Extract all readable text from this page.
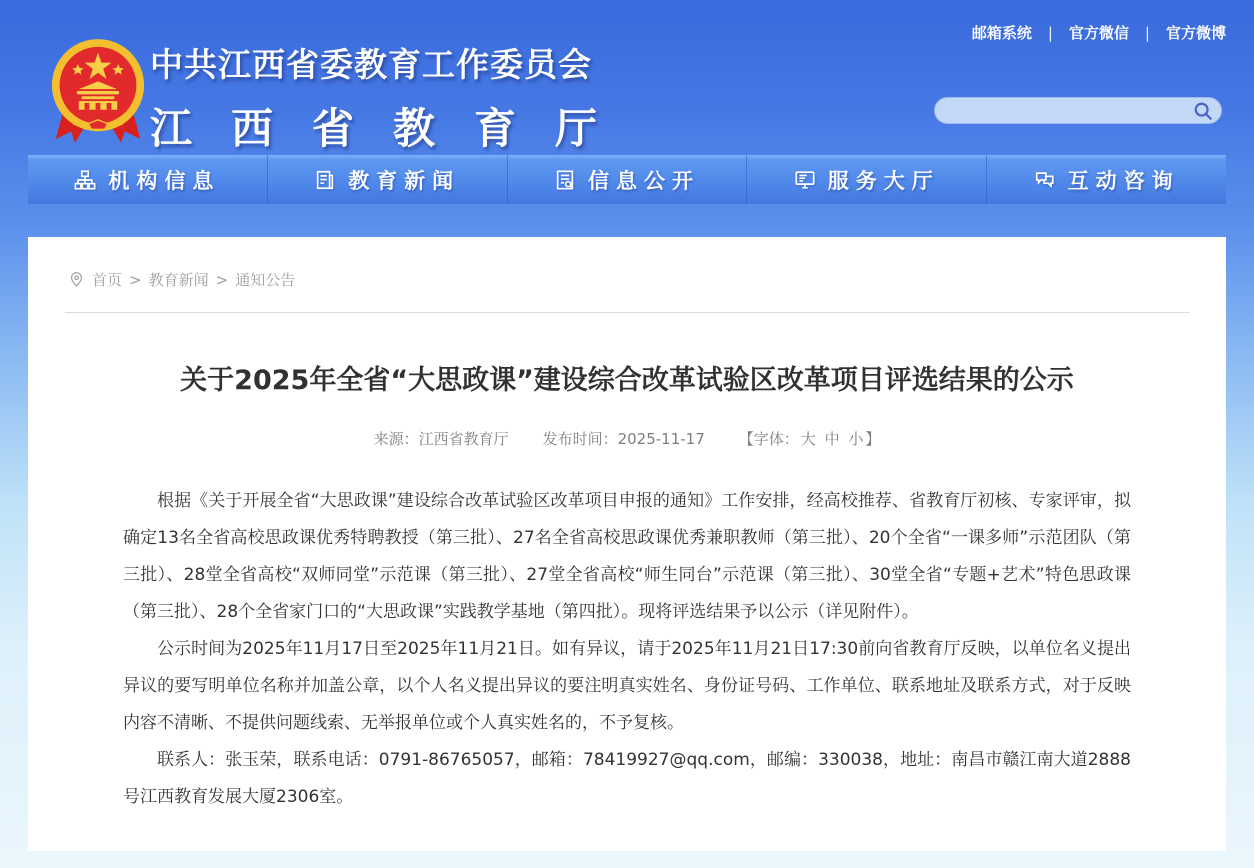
邮箱系统 | 官方微信 | 官方微博
中共江西省委教育工作委员会
江西省教育厅
机构信息	教育新闻	信息公开	服务大厅	互动咨询
首页 > 教育新闻 > 通知公告
关于2025年全省“大思政课”建设综合改革试验区改革项目评选结果的公示
来源：江西省教育厅 发布时间：2025-11-17 【字体： 大 中 小 】

根据《关于开展全省“大思政课”建设综合改革试验区改革项目申报的通知》工作安排，经高校推荐、省教育厅初核、专家评审，拟确定13名全省高校思政课优秀特聘教授（第三批）、27名全省高校思政课优秀兼职教师（第三批）、20个全省“一课多师”示范团队（第三批）、28堂全省高校“双师同堂”示范课（第三批）、27堂全省高校“师生同台”示范课（第三批）、30堂全省“专题+艺术”特色思政课（第三批）、28个全省家门口的“大思政课”实践教学基地（第四批）。现将评选结果予以公示（详见附件）。

公示时间为2025年11月17日至2025年11月21日。如有异议，请于2025年11月21日17:30前向省教育厅反映，以单位名义提出异议的要写明单位名称并加盖公章，以个人名义提出异议的要注明真实姓名、身份证号码、工作单位、联系地址及联系方式，对于反映内容不清晰、不提供问题线索、无举报单位或个人真实姓名的，不予复核。

联系人：张玉荣，联系电话：0791-86765057，邮箱：78419927@qq.com，邮编：330038，地址：南昌市赣江南大道2888号江西教育发展大厦2306室。
